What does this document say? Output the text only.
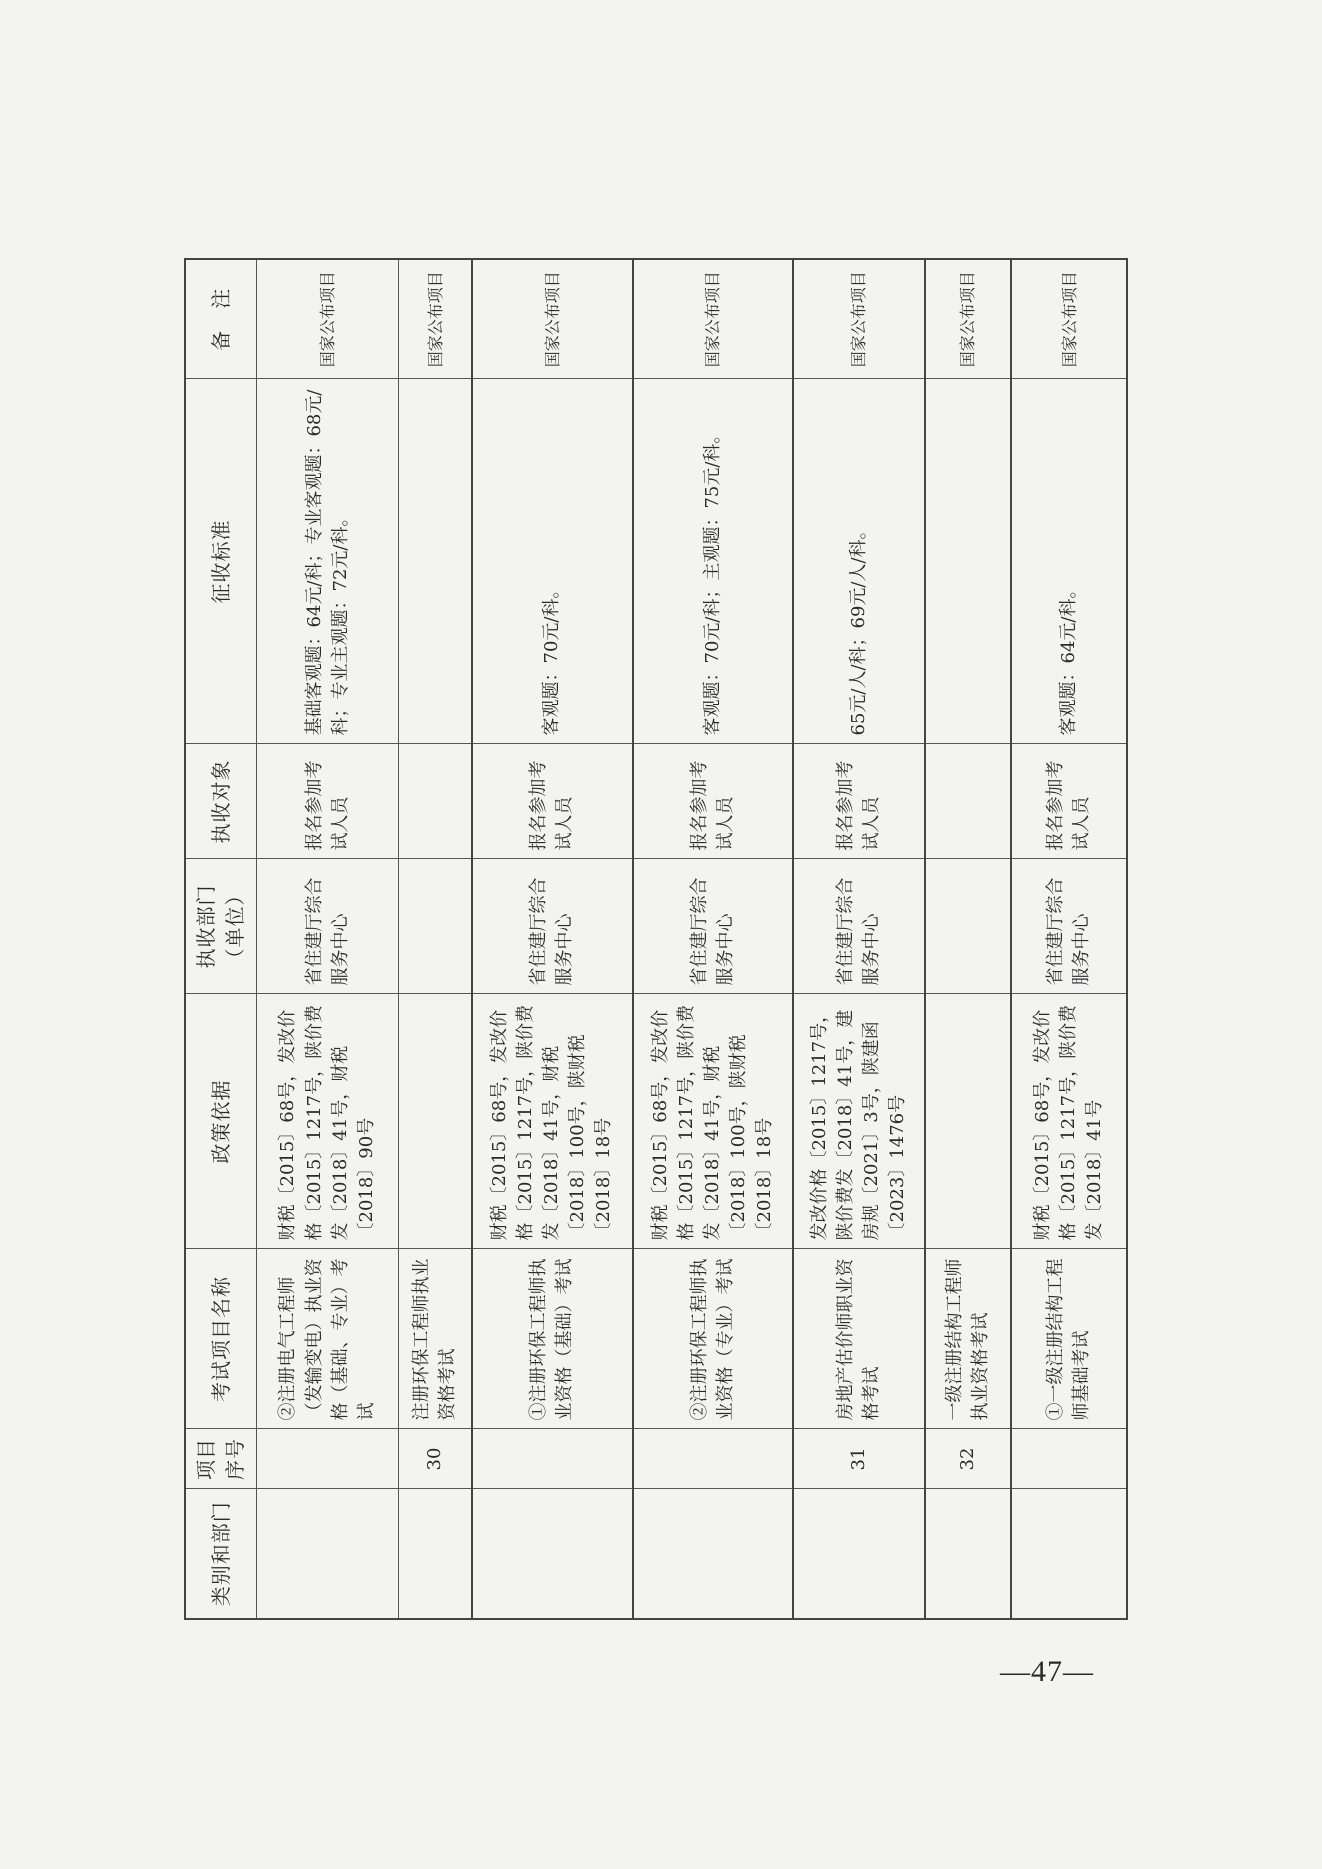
类别和部门	项目序号	考试项目名称	政策依据	执收部门（单位）	执收对象	征收标准	备　注
		②注册电气工程师（发输变电）执业资格（基础、专业）考试	财税〔2015〕68号，发改价格〔2015〕1217号，陕价费发〔2018〕41号，财税〔2018〕90号	省住建厅综合服务中心	报名参加考试人员	基础客观题：64元/科；专业客观题：68元/科；专业主观题：72元/科。	国家公布项目
	30	注册环保工程师执业资格考试					国家公布项目
		①注册环保工程师执业资格（基础）考试	财税〔2015〕68号，发改价格〔2015〕1217号，陕价费发〔2018〕41号，财税〔2018〕100号，陕财税〔2018〕18号	省住建厅综合服务中心	报名参加考试人员	客观题：70元/科。	国家公布项目
		②注册环保工程师执业资格（专业）考试	财税〔2015〕68号，发改价格〔2015〕1217号，陕价费发〔2018〕41号，财税〔2018〕100号，陕财税〔2018〕18号	省住建厅综合服务中心	报名参加考试人员	客观题：70元/科；主观题：75元/科。	国家公布项目
	31	房地产估价师职业资格考试	发改价格〔2015〕1217号，陕价费发〔2018〕41号，建房规〔2021〕3号，陕建函〔2023〕1476号	省住建厅综合服务中心	报名参加考试人员	65元/人/科；69元/人/科。	国家公布项目
	32	一级注册结构工程师执业资格考试					国家公布项目
		①一级注册结构工程师基础考试	财税〔2015〕68号，发改价格〔2015〕1217号，陕价费发〔2018〕41号	省住建厅综合服务中心	报名参加考试人员	客观题：64元/科。	国家公布项目
—47—
